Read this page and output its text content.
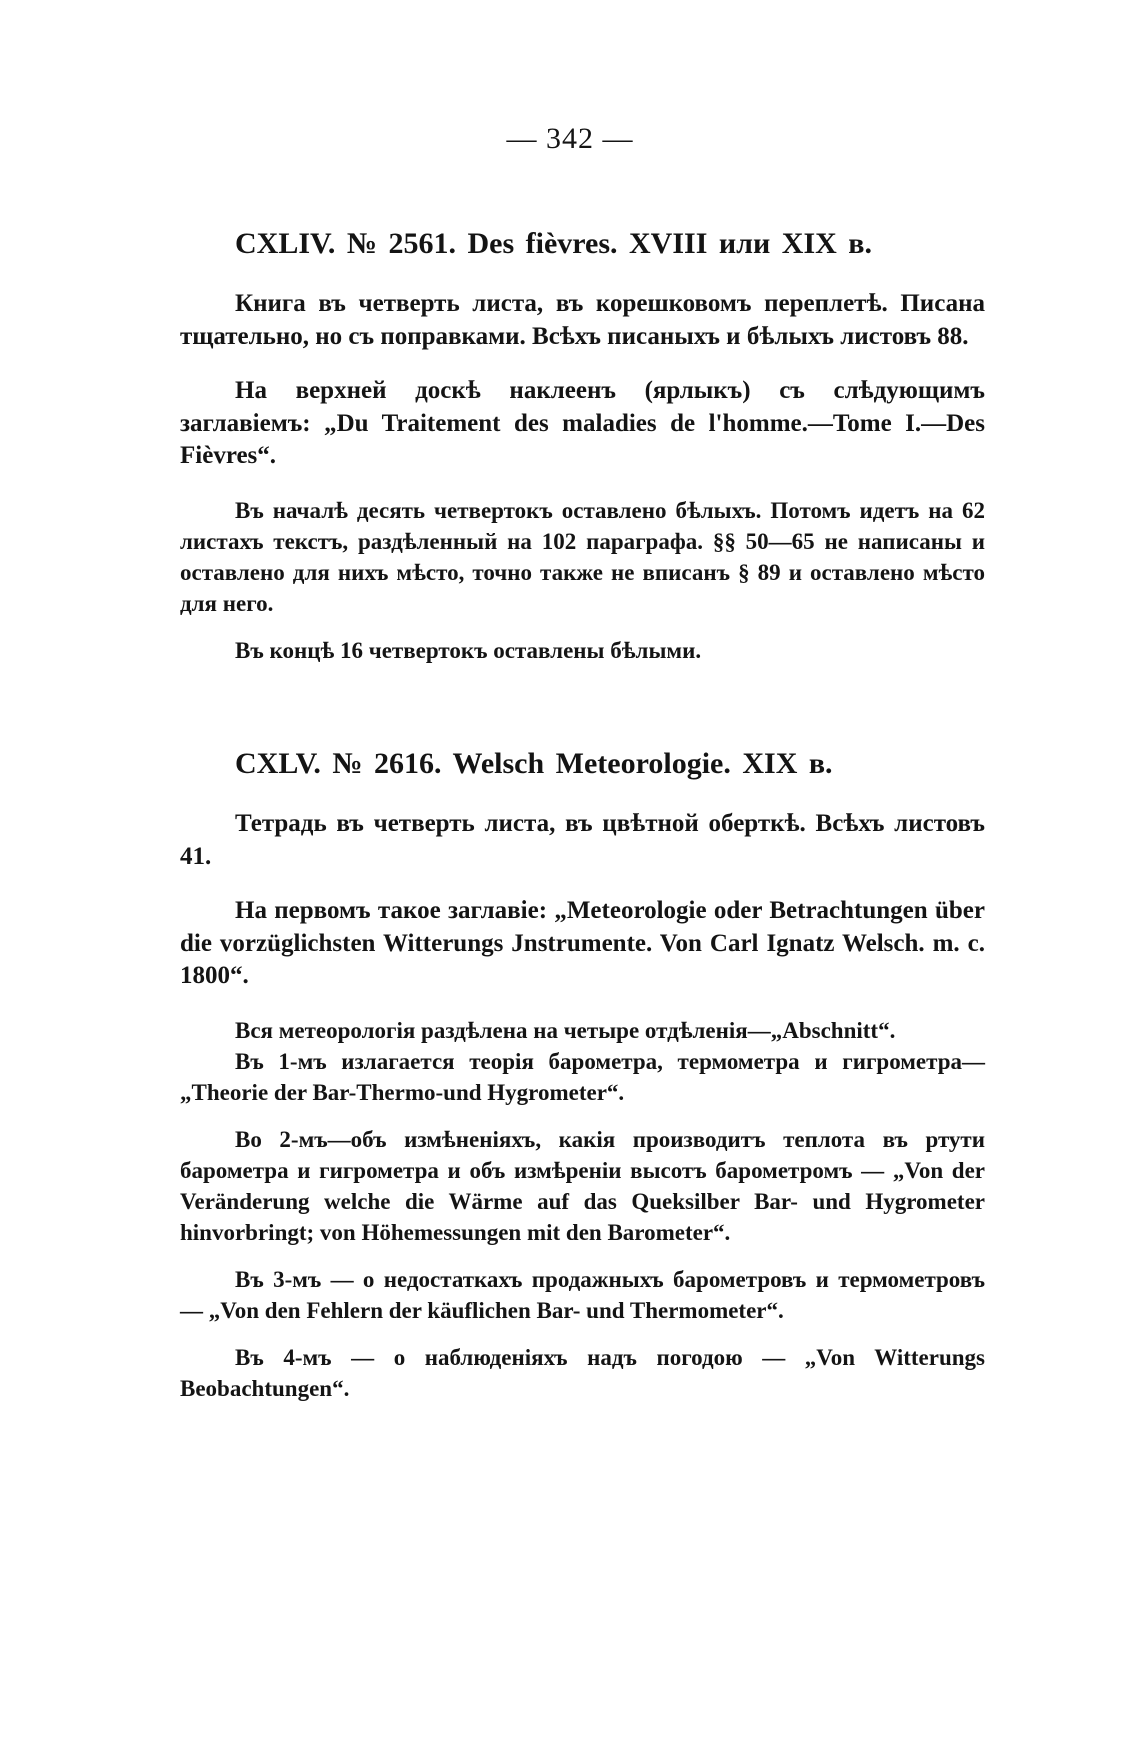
— 342 —
CXLIV. № 2561. Des fièvres. XVIII или XIX в.

Книга въ четверть листа, въ корешковомъ переплетѣ. Писана тщательно, но съ поправками. Всѣхъ писаныхъ и бѣлыхъ листовъ 88.

На верхней доскѣ наклеенъ (ярлыкъ) съ слѣдующимъ заглавіемъ: „Du Traitement des maladies de l'homme.—Tome I.—Des Fièvres“.

Въ началѣ десять четвертокъ оставлено бѣлыхъ. Потомъ идетъ на 62 листахъ текстъ, раздѣленный на 102 параграфа. §§ 50—65 не написаны и оставлено для нихъ мѣсто, точно также не вписанъ § 89 и оставлено мѣсто для него.

Въ концѣ 16 четвертокъ оставлены бѣлыми.

CXLV. № 2616. Welsch Meteorologie. XIX в.

Тетрадь въ четверть листа, въ цвѣтной оберткѣ. Всѣхъ листовъ 41.

На первомъ такое заглавіе: „Meteorologie oder Betrachtungen über die vorzüglichsten Witterungs Jnstrumente. Von Carl Ignatz Welsch. m. c. 1800“.

Вся метеорологія раздѣлена на четыре отдѣленія—„Abschnitt“.

Въ 1-мъ излагается теорія барометра, термометра и гигрометра—„Theorie der Bar-Thermo-und Hygrometer“.

Во 2-мъ—объ измѣненіяхъ, какія производитъ теплота въ ртути барометра и гигрометра и объ измѣреніи высотъ барометромъ — „Von der Veränderung welche die Wärme auf das Queksilber Bar- und Hygrometer hinvorbringt; von Höhemessungen mit den Barometer“.

Въ 3-мъ — о недостаткахъ продажныхъ барометровъ и термометровъ — „Von den Fehlern der käuflichen Bar- und Thermometer“.

Въ 4-мъ — о наблюденіяхъ надъ погодою — „Von Witterungs Beobachtungen“.
